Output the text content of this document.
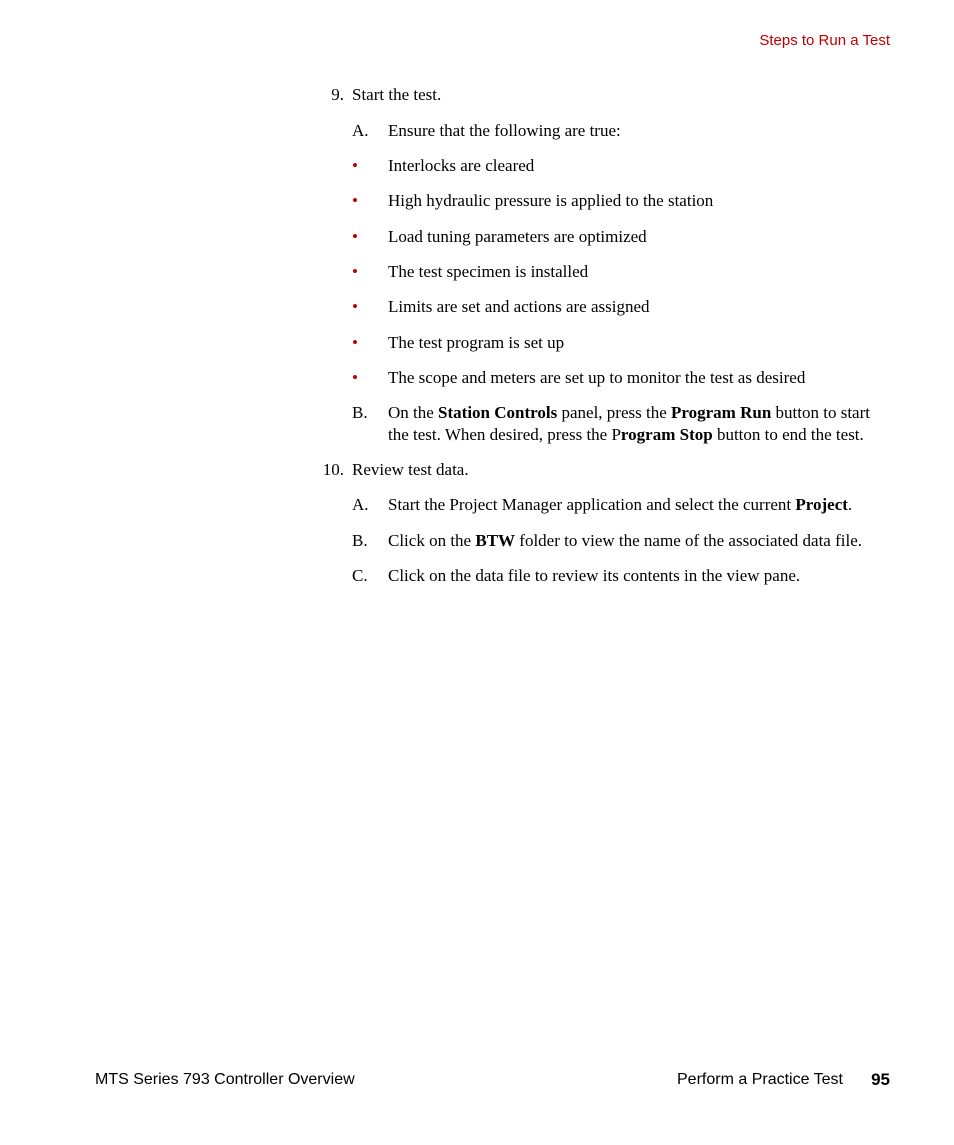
Steps to Run a Test
9. Start the test.
A. Ensure that the following are true:
• Interlocks are cleared
• High hydraulic pressure is applied to the station
• Load tuning parameters are optimized
• The test specimen is installed
• Limits are set and actions are assigned
• The test program is set up
• The scope and meters are set up to monitor the test as desired
B. On the Station Controls panel, press the Program Run button to start
the test. When desired, press the Program Stop button to end the test.
10. Review test data.
A. Start the Project Manager application and select the current Project.
B. Click on the BTW folder to view the name of the associated data file.
C. Click on the data file to review its contents in the view pane.
MTS Series 793 Controller Overview	Perform a Practice Test 95
